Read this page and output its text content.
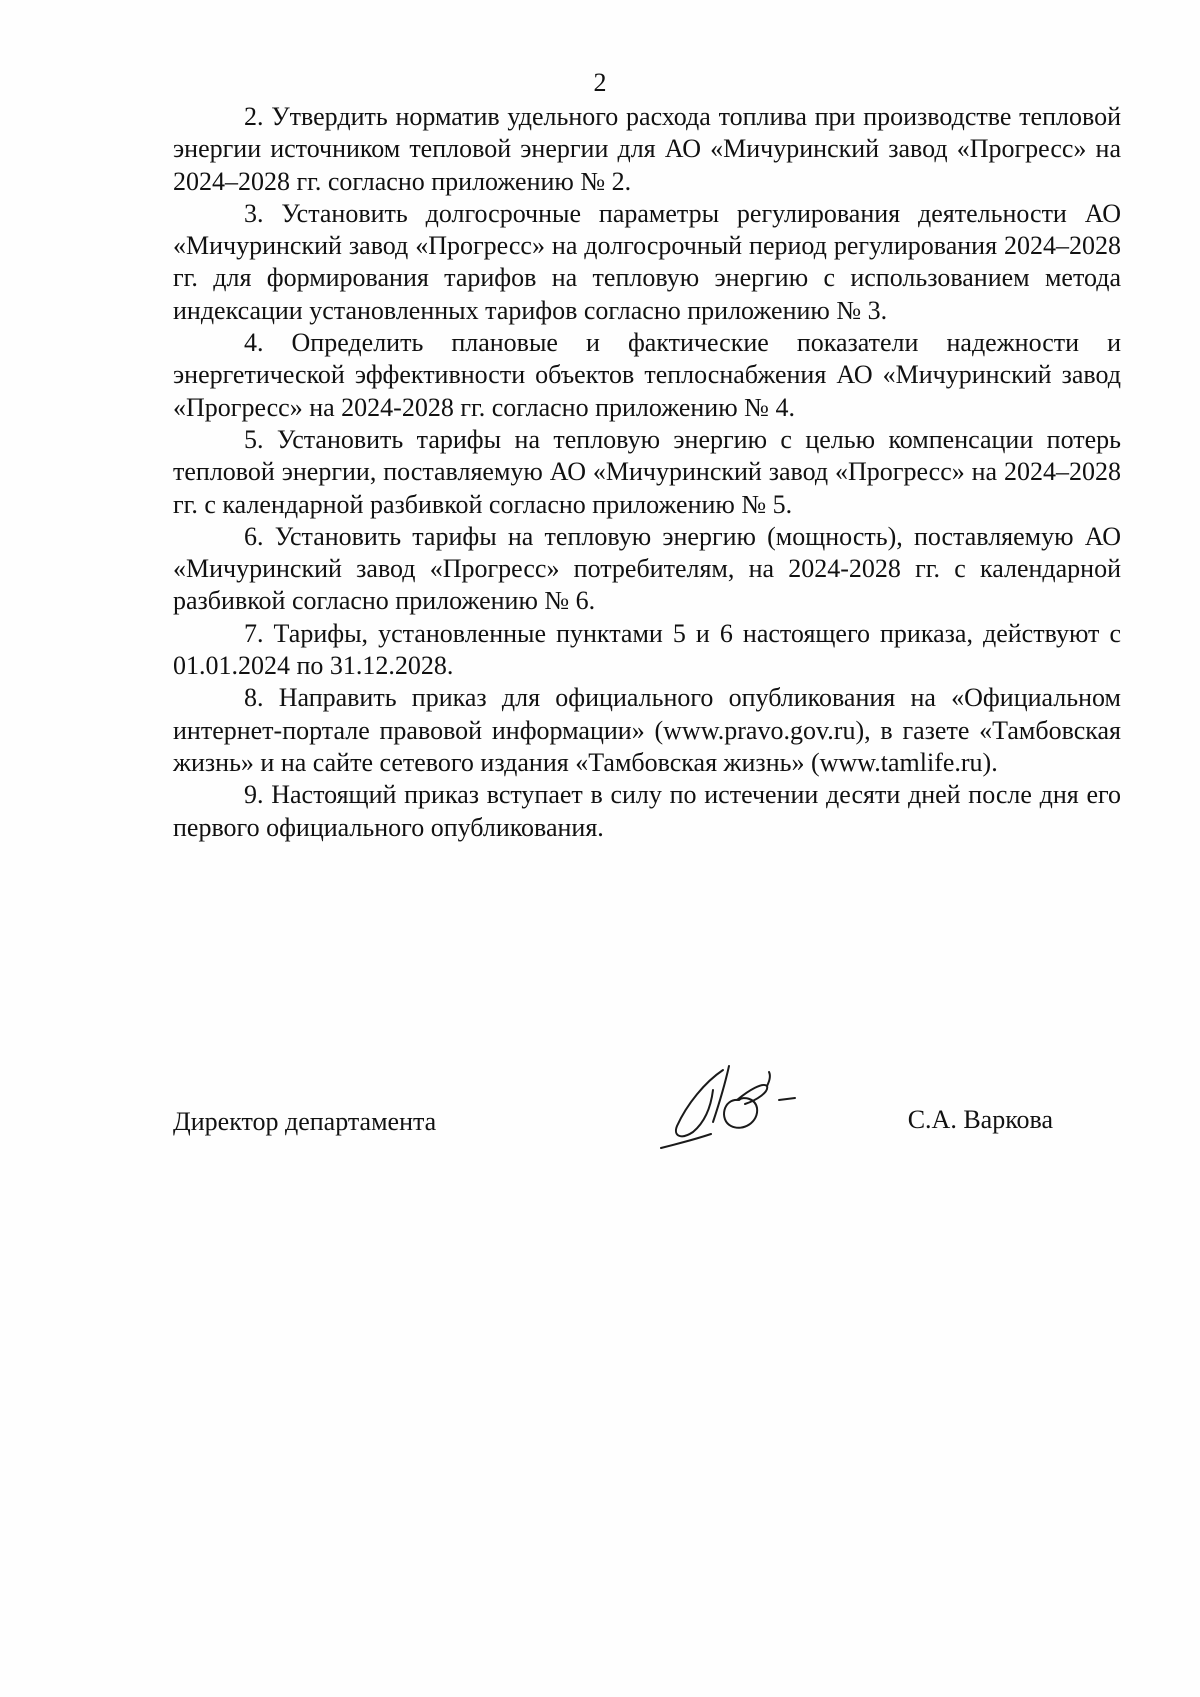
2

2. Утвердить норматив удельного расхода топлива при производстве тепловой энергии источником тепловой энергии для АО «Мичуринский завод «Прогресс» на 2024–2028 гг. согласно приложению № 2.

3. Установить долгосрочные параметры регулирования деятельности АО «Мичуринский завод «Прогресс» на долгосрочный период регулирования 2024–2028 гг. для формирования тарифов на тепловую энергию с использованием метода индексации установленных тарифов согласно приложению № 3.

4. Определить плановые и фактические показатели надежности и энергетической эффективности объектов теплоснабжения АО «Мичуринский завод «Прогресс» на 2024-2028 гг. согласно приложению № 4.

5. Установить тарифы на тепловую энергию с целью компенсации потерь тепловой энергии, поставляемую АО «Мичуринский завод «Прогресс» на 2024–2028 гг. с календарной разбивкой согласно приложению № 5.

6. Установить тарифы на тепловую энергию (мощность), поставляемую АО «Мичуринский завод «Прогресс» потребителям, на 2024-2028 гг. с календарной разбивкой согласно приложению № 6.

7. Тарифы, установленные пунктами 5 и 6 настоящего приказа, действуют с 01.01.2024 по 31.12.2028.

8. Направить приказ для официального опубликования на «Официальном интернет-портале правовой информации» (www.pravo.gov.ru), в газете «Тамбовская жизнь» и на сайте сетевого издания «Тамбовская жизнь» (www.tamlife.ru).

9. Настоящий приказ вступает в силу по истечении десяти дней после дня его первого официального опубликования.

Директор департамента	С.А. Варкова
